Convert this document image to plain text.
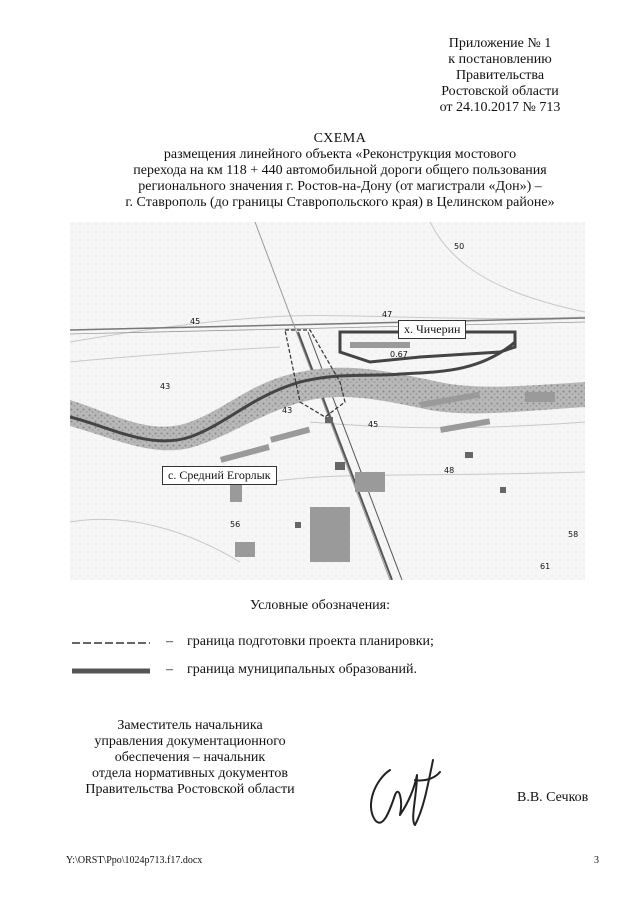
Приложение № 1
к постановлению
Правительства
Ростовской области
от 24.10.2017 № 713
СХЕМА
размещения линейного объекта «Реконструкция мостового
перехода на км 118 + 440 автомобильной дороги общего пользования
регионального значения г. Ростов-на-Дону (от магистрали «Дон») –
г. Ставрополь (до границы Ставропольского края) в Целинском районе»
50
47
45
43
43
45
48
56
58
61
0.67
х. Чичерин
с. Средний Егорлык
Условные обозначения:
– граница подготовки проекта планировки;
– граница муниципальных образований.
Заместитель начальника
управления документационного
обеспечения – начальник
отдела нормативных документов
Правительства Ростовской области
В.В. Сечков
Y:\ORST\Ppo\1024p713.f17.docx	3
